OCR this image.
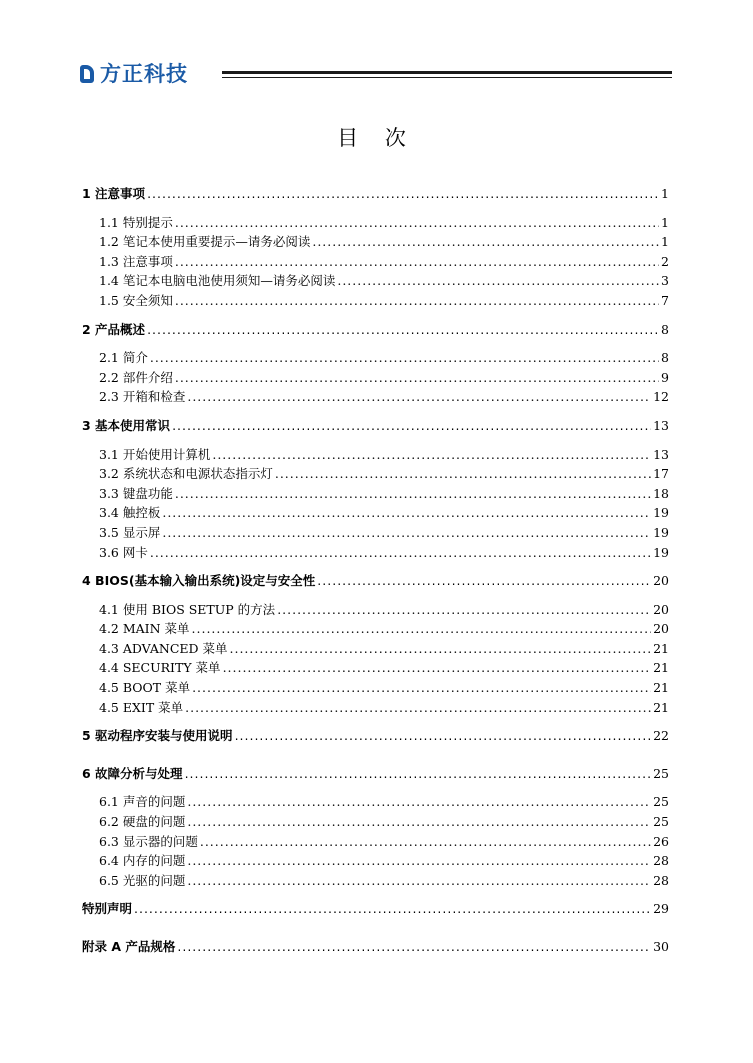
方正科技
目 次
1 注意事项 .....	1
1.1 特别提示 .....	1
1.2 笔记本使用重要提示—请务必阅读 .....	1
1.3 注意事项 .....	2
1.4 笔记本电脑电池使用须知—请务必阅读 .....	3
1.5 安全须知 .....	7
2 产品概述 .....	8
2.1 简介 .....	8
2.2 部件介绍 .....	9
2.3 开箱和检查 .....	12
3 基本使用常识 .....	13
3.1 开始使用计算机 .....	13
3.2 系统状态和电源状态指示灯 .....	17
3.3 键盘功能 .....	18
3.4 触控板 .....	19
3.5 显示屏 .....	19
3.6 网卡 .....	19
4 BIOS(基本输入输出系统)设定与安全性 .....	20
4.1 使用 BIOS SETUP 的方法 .....	20
4.2 MAIN 菜单 .....	20
4.3 ADVANCED 菜单 .....	21
4.4 SECURITY 菜单 .....	21
4.5 BOOT 菜单 .....	21
4.5 EXIT 菜单 .....	21
5 驱动程序安装与使用说明 .....	22
6 故障分析与处理 .....	25
6.1 声音的问题 .....	25
6.2 硬盘的问题 .....	25
6.3 显示器的问题 .....	26
6.4 内存的问题 .....	28
6.5 光驱的问题 .....	28
特别声明 .....	29
附录 A 产品规格 .....	30
